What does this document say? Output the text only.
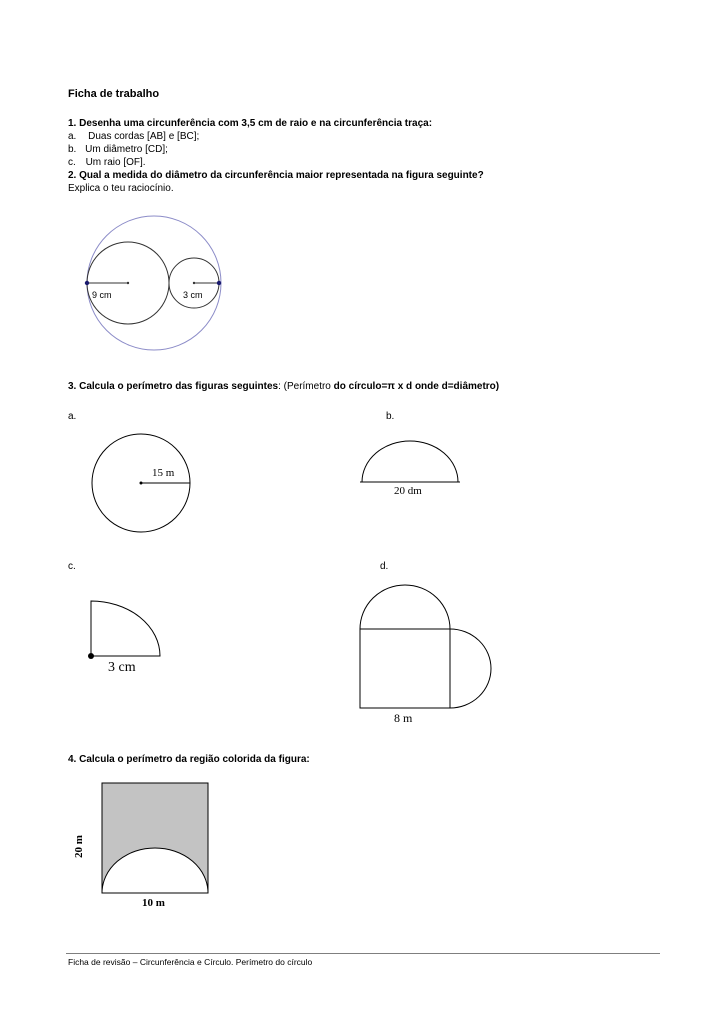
Ficha de trabalho
1. Desenha uma circunferência com 3,5 cm de raio e na circunferência traça:
a. Duas cordas [AB] e [BC];
b. Um diâmetro [CD];
c. Um raio [OF].
2. Qual a medida do diâmetro da circunferência maior representada na figura seguinte?
Explica o teu raciocínio.
9 cm	3 cm
3. Calcula o perímetro das figuras seguintes: (Perímetro do círculo=π x d onde d=diâmetro)
a.	b.
c.	d.
15 m
20 dm
3 cm
8 m
4. Calcula o perímetro da região colorida da figura:
20 m
10 m
Ficha de revisão – Circunferência e Círculo. Perímetro do círculo
